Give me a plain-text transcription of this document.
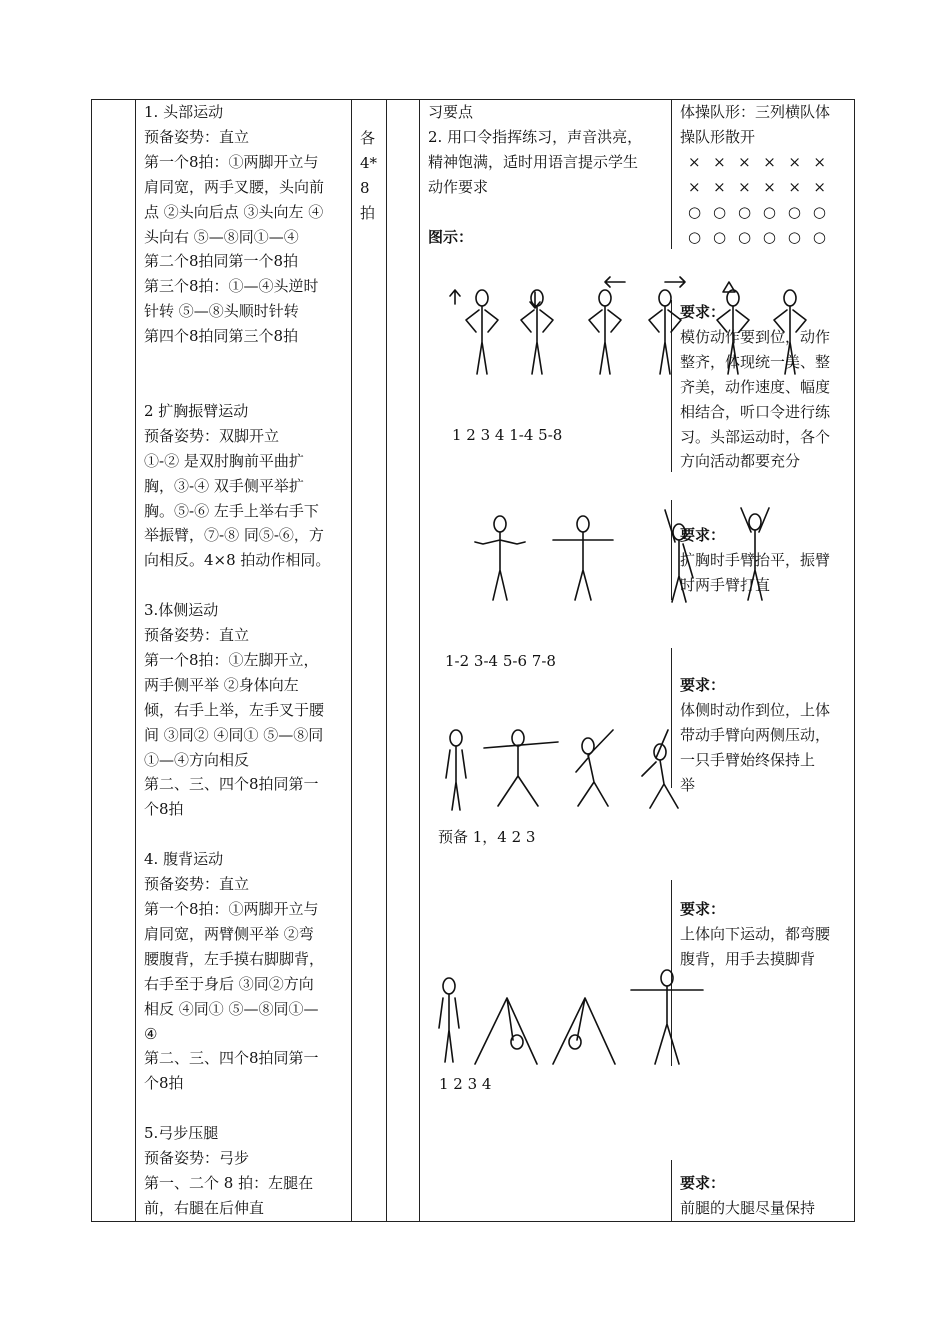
1. 头部运动
预备姿势：直立
第一个8拍：①两脚开立与
肩同宽，两手叉腰，头向前
点 ②头向后点 ③头向左 ④
头向右 ⑤—⑧同①—④
第二个8拍同第一个8拍
第三个8拍：①—④头逆时
针转 ⑤—⑧头顺时针转
第四个8拍同第三个8拍

2 扩胸振臂运动
预备姿势：双脚开立
①-② 是双肘胸前平曲扩
胸，③-④ 双手侧平举扩
胸。⑤-⑥ 左手上举右手下
举振臂，⑦-⑧ 同⑤-⑥，方
向相反。4×8 拍动作相同。

3.体侧运动
预备姿势：直立
第一个8拍：①左脚开立，
两手侧平举 ②身体向左
倾，右手上举，左手叉于腰
间 ③同② ④同① ⑤—⑧同
①—④方向相反
第二、三、四个8拍同第一
个8拍

4. 腹背运动
预备姿势：直立
第一个8拍：①两脚开立与
肩同宽，两臂侧平举 ②弯
腰腹背，左手摸右脚脚背，
右手至于身后 ③同②方向
相反 ④同① ⑤—⑧同①—
④
第二、三、四个8拍同第一
个8拍

5.弓步压腿
预备姿势：弓步
第一、二个 8 拍：左腿在
前，右腿在后伸直
各
4*
8
拍
习要点
2. 用口令指挥练习，声音洪亮，
精神饱满，适时用语言提示学生
动作要求

图示：
体操队形：三列横队体
操队形散开
× × × × × ×
× × × × × ×
○ ○ ○ ○ ○ ○
○ ○ ○ ○ ○ ○
要求：
模仿动作要到位，动作
整齐，体现统一美、整
齐美，动作速度、幅度
相结合，听口令进行练
习。头部运动时，各个
方向活动都要充分
要求：
扩胸时手臂抬平，振臂
时两手臂打直
要求：
体侧时动作到位，上体
带动手臂向两侧压动，
一只手臂始终保持上
举
要求：
上体向下运动，都弯腰
腹背，用手去摸脚背
要求：
前腿的大腿尽量保持
1 2 3 4 1-4 5-8
1-2 3-4 5-6 7-8
预备 1，4 2 3
1 2 3 4
